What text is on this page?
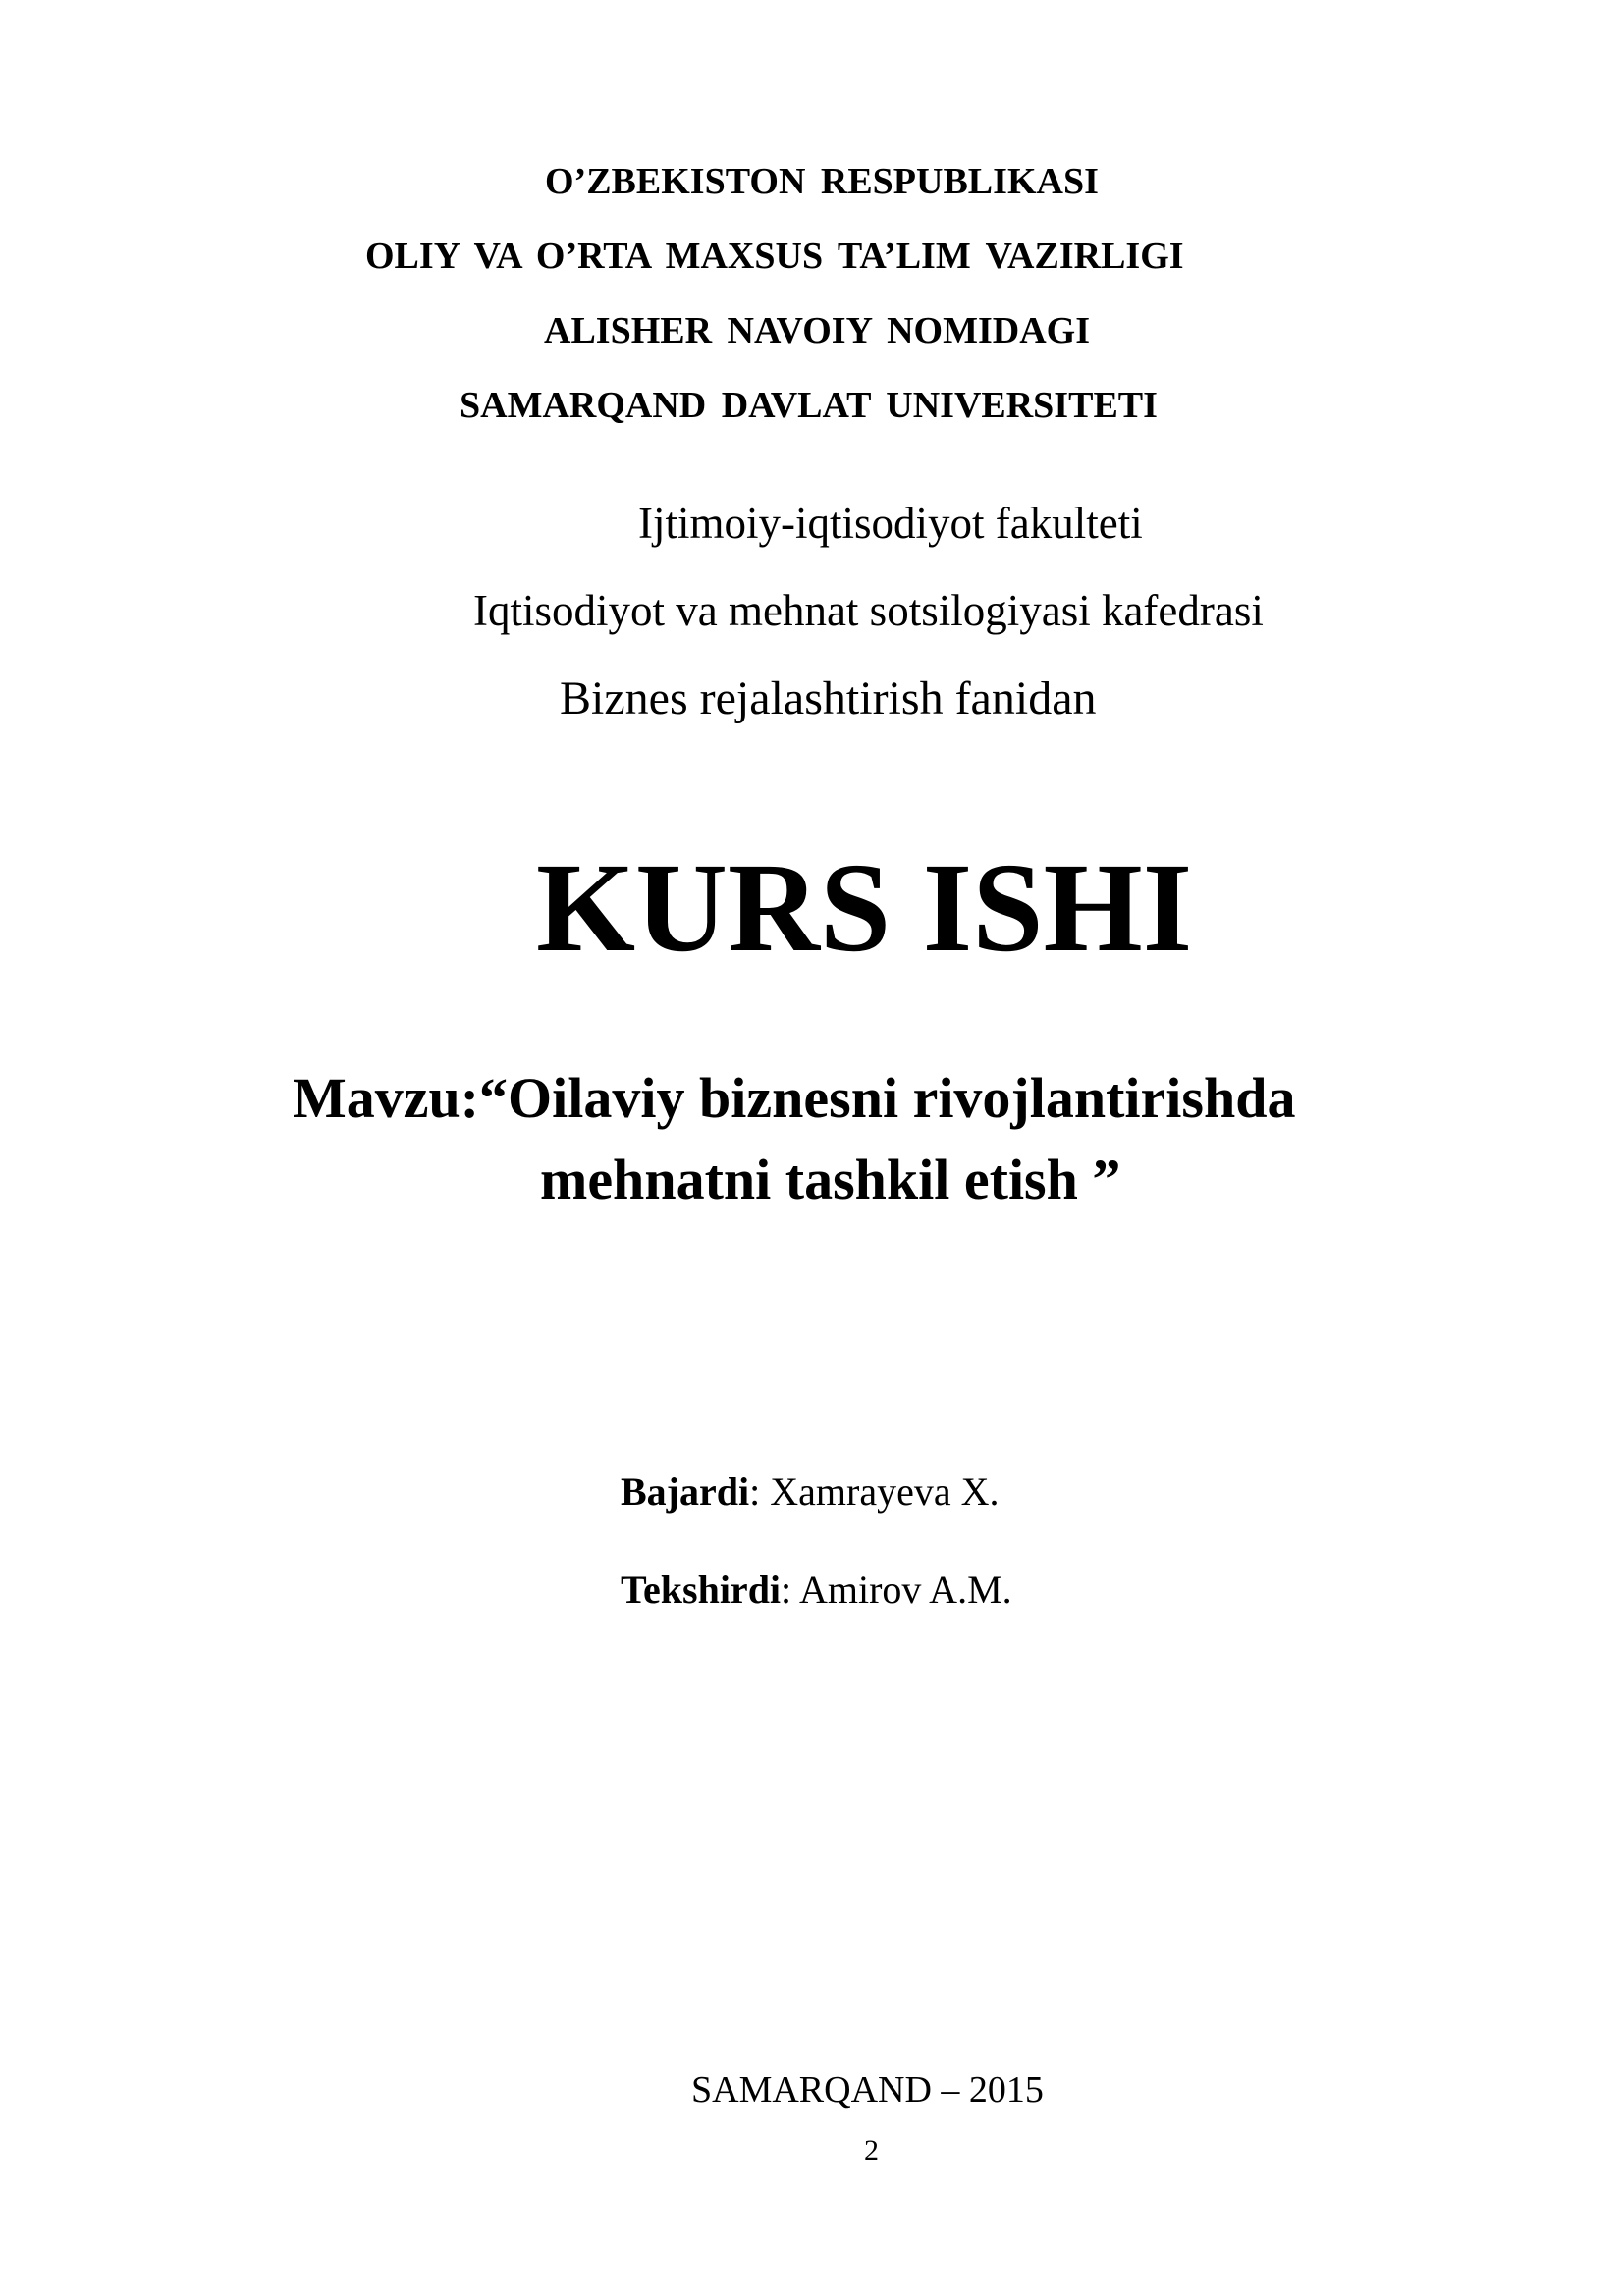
O’ZBEKISTON RESPUBLIKASI
OLIY VA O’RTA MAXSUS TA’LIM VAZIRLIGI
ALISHER NAVOIY NOMIDAGI
SAMARQAND DAVLAT UNIVERSITETI
Ijtimoiy-iqtisodiyot fakulteti
Iqtisodiyot va mehnat sotsilogiyasi kafedrasi
Biznes rejalashtirish fanidan
KURS ISHI
Mavzu:“Oilaviy biznesni rivojlantirishda
mehnatni tashkil etish ”
Bajardi: Xamrayeva X.
Tekshirdi: Amirov A.M.
SAMARQAND – 2015
2
